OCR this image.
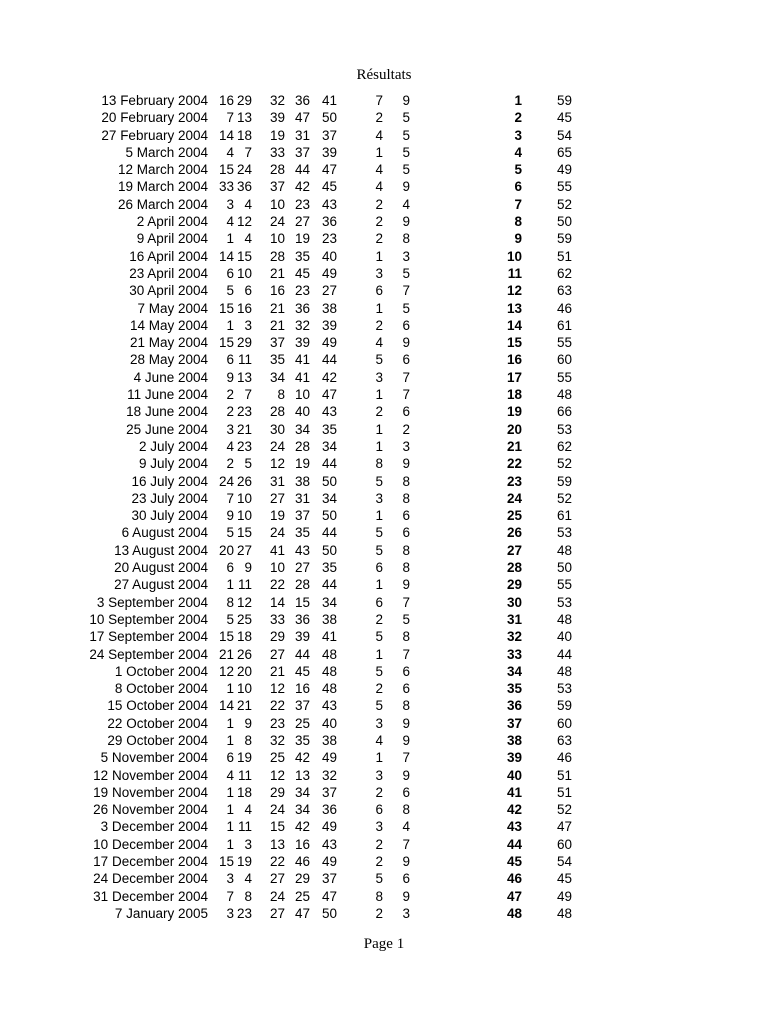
Résultats
13 February 2004 16 29 32 36 41	7 9	1	59
20 February 2004 7 13 39 47 50	2 5	2	45
27 February 2004 14 18 19 31 37	4 5	3	54
5 March 2004 4 7 33 37 39	1 5	4	65
12 March 2004 15 24 28 44 47	4 5	5	49
19 March 2004 33 36 37 42 45	4 9	6	55
26 March 2004 3 4 10 23 43	2 4	7	52
2 April 2004 4 12 24 27 36	2 9	8	50
9 April 2004 1 4 10 19 23	2 8	9	59
16 April 2004 14 15 28 35 40	1 3	10	51
23 April 2004 6 10 21 45 49	3 5	11	62
30 April 2004 5 6 16 23 27	6 7	12	63
7 May 2004 15 16 21 36 38	1 5	13	46
14 May 2004 1 3 21 32 39	2 6	14	61
21 May 2004 15 29 37 39 49	4 9	15	55
28 May 2004 6 11 35 41 44	5 6	16	60
4 June 2004 9 13 34 41 42	3 7	17	55
11 June 2004 2 7 8 10 47	1 7	18	48
18 June 2004 2 23 28 40 43	2 6	19	66
25 June 2004 3 21 30 34 35	1 2	20	53
2 July 2004 4 23 24 28 34	1 3	21	62
9 July 2004 2 5 12 19 44	8 9	22	52
16 July 2004 24 26 31 38 50	5 8	23	59
23 July 2004 7 10 27 31 34	3 8	24	52
30 July 2004 9 10 19 37 50	1 6	25	61
6 August 2004 5 15 24 35 44	5 6	26	53
13 August 2004 20 27 41 43 50	5 8	27	48
20 August 2004 6 9 10 27 35	6 8	28	50
27 August 2004 1 11 22 28 44	1 9	29	55
3 September 2004 8 12 14 15 34	6 7	30	53
10 September 2004 5 25 33 36 38	2 5	31	48
17 September 2004 15 18 29 39 41	5 8	32	40
24 September 2004 21 26 27 44 48	1 7	33	44
1 October 2004 12 20 21 45 48	5 6	34	48
8 October 2004 1 10 12 16 48	2 6	35	53
15 October 2004 14 21 22 37 43	5 8	36	59
22 October 2004 1 9 23 25 40	3 9	37	60
29 October 2004 1 8 32 35 38	4 9	38	63
5 November 2004 6 19 25 42 49	1 7	39	46
12 November 2004 4 11 12 13 32	3 9	40	51
19 November 2004 1 18 29 34 37	2 6	41	51
26 November 2004 1 4 24 34 36	6 8	42	52
3 December 2004 1 11 15 42 49	3 4	43	47
10 December 2004 1 3 13 16 43	2 7	44	60
17 December 2004 15 19 22 46 49	2 9	45	54
24 December 2004 3 4 27 29 37	5 6	46	45
31 December 2004 7 8 24 25 47	8 9	47	49
7 January 2005 3 23 27 47 50	2 3	48	48
Page 1
